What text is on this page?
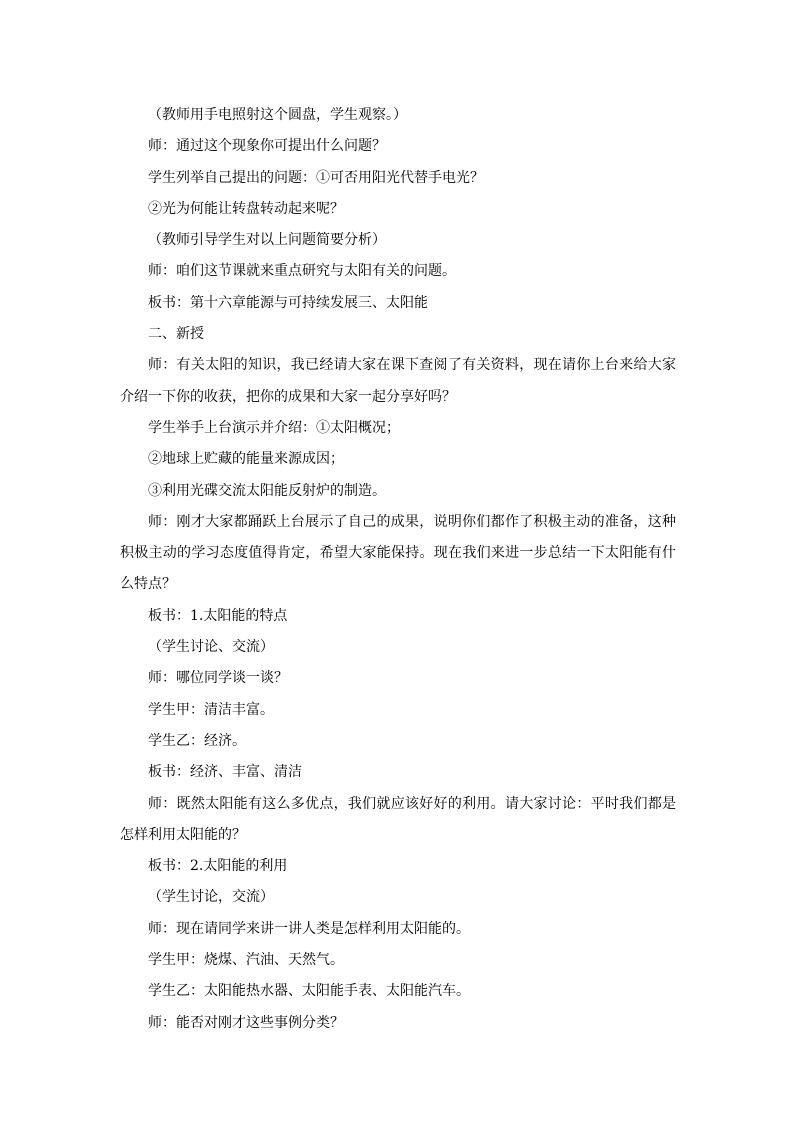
（教师用手电照射这个圆盘，学生观察。）

师：通过这个现象你可提出什么问题？

学生列举自己提出的问题：①可否用阳光代替手电光？

②光为何能让转盘转动起来呢？

（教师引导学生对以上问题简要分析）

师：咱们这节课就来重点研究与太阳有关的问题。

板书：第十六章能源与可持续发展三、太阳能

二、新授

师：有关太阳的知识，我已经请大家在课下查阅了有关资料，现在请你上台来给大家介绍一下你的收获，把你的成果和大家一起分享好吗？

学生举手上台演示并介绍：①太阳概况；

②地球上贮藏的能量来源成因；

③利用光碟交流太阳能反射炉的制造。

师：刚才大家都踊跃上台展示了自己的成果，说明你们都作了积极主动的准备，这种积极主动的学习态度值得肯定，希望大家能保持。现在我们来进一步总结一下太阳能有什么特点？

板书：1.太阳能的特点

（学生讨论、交流）

师：哪位同学谈一谈？

学生甲：清洁丰富。

学生乙：经济。

板书：经济、丰富、清洁

师：既然太阳能有这么多优点，我们就应该好好的利用。请大家讨论：平时我们都是怎样利用太阳能的？

板书：2.太阳能的利用

（学生讨论，交流）

师：现在请同学来讲一讲人类是怎样利用太阳能的。

学生甲：烧煤、汽油、天然气。

学生乙：太阳能热水器、太阳能手表、太阳能汽车。

师：能否对刚才这些事例分类？
